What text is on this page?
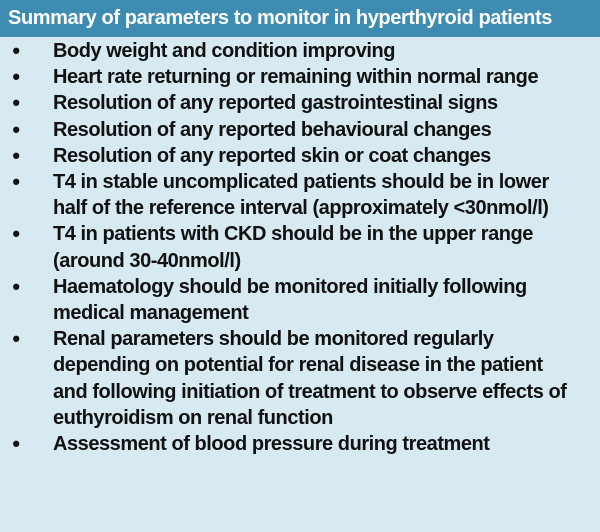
Summary of parameters to monitor in hyperthyroid patients
• Body weight and condition improving
• Heart rate returning or remaining within normal range
• Resolution of any reported gastrointestinal signs
• Resolution of any reported behavioural changes
• Resolution of any reported skin or coat changes
• T4 in stable uncomplicated patients should be in lower
half of the reference interval (approximately <30nmol/l)
• T4 in patients with CKD should be in the upper range
(around 30-40nmol/l)
• Haematology should be monitored initially following
medical management
• Renal parameters should be monitored regularly
depending on potential for renal disease in the patient
and following initiation of treatment to observe effects of
euthyroidism on renal function
• Assessment of blood pressure during treatment
